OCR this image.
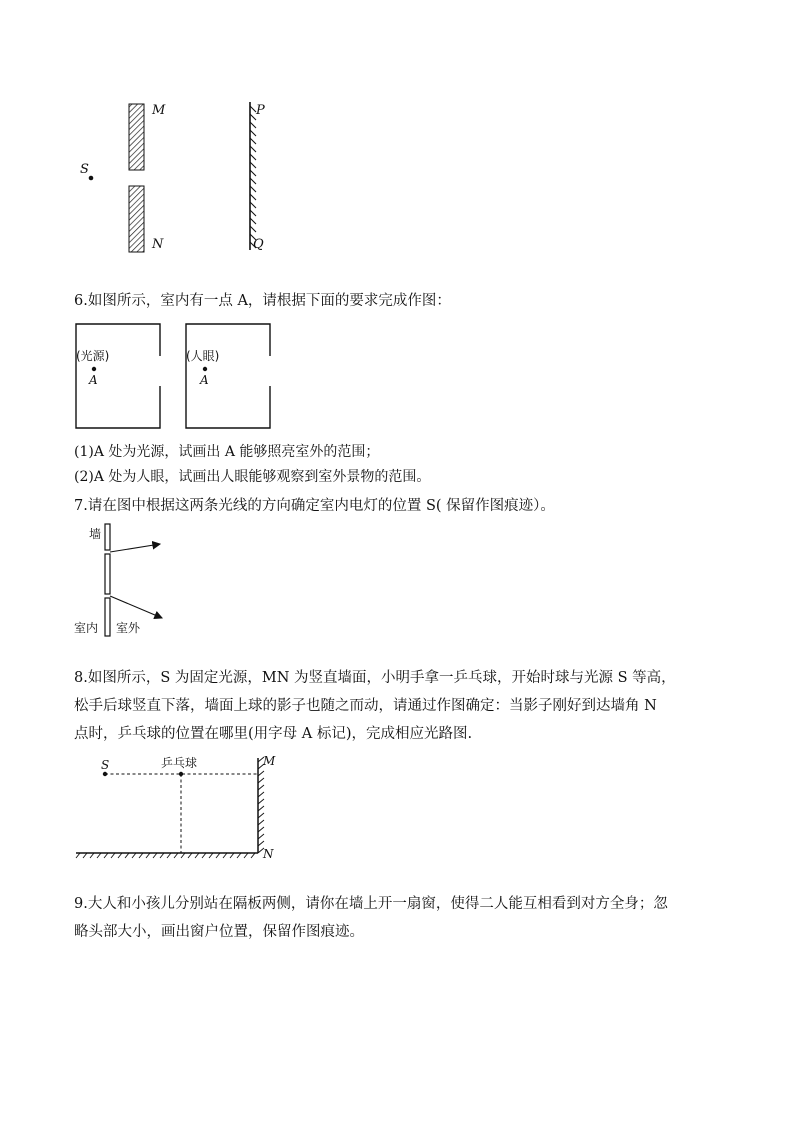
S
M
N
P
Q
6.如图所示，室内有一点 A，请根据下面的要求完成作图：
(光源)
A
(人眼)
A
(1)A 处为光源，试画出 A 能够照亮室外的范围；
(2)A 处为人眼，试画出人眼能够观察到室外景物的范围。
7.请在图中根据这两条光线的方向确定室内电灯的位置 S( 保留作图痕迹）。
墙
室内 室外
8.如图所示，S 为固定光源，MN 为竖直墙面，小明手拿一乒乓球，开始时球与光源 S 等高，
松手后球竖直下落，墙面上球的影子也随之而动，请通过作图确定：当影子刚好到达墙角 N
点时，乒乓球的位置在哪里(用字母 A 标记)，完成相应光路图.
S	乒乓球	M
N
9.大人和小孩儿分别站在隔板两侧，请你在墙上开一扇窗，使得二人能互相看到对方全身；忽
略头部大小，画出窗户位置，保留作图痕迹。
